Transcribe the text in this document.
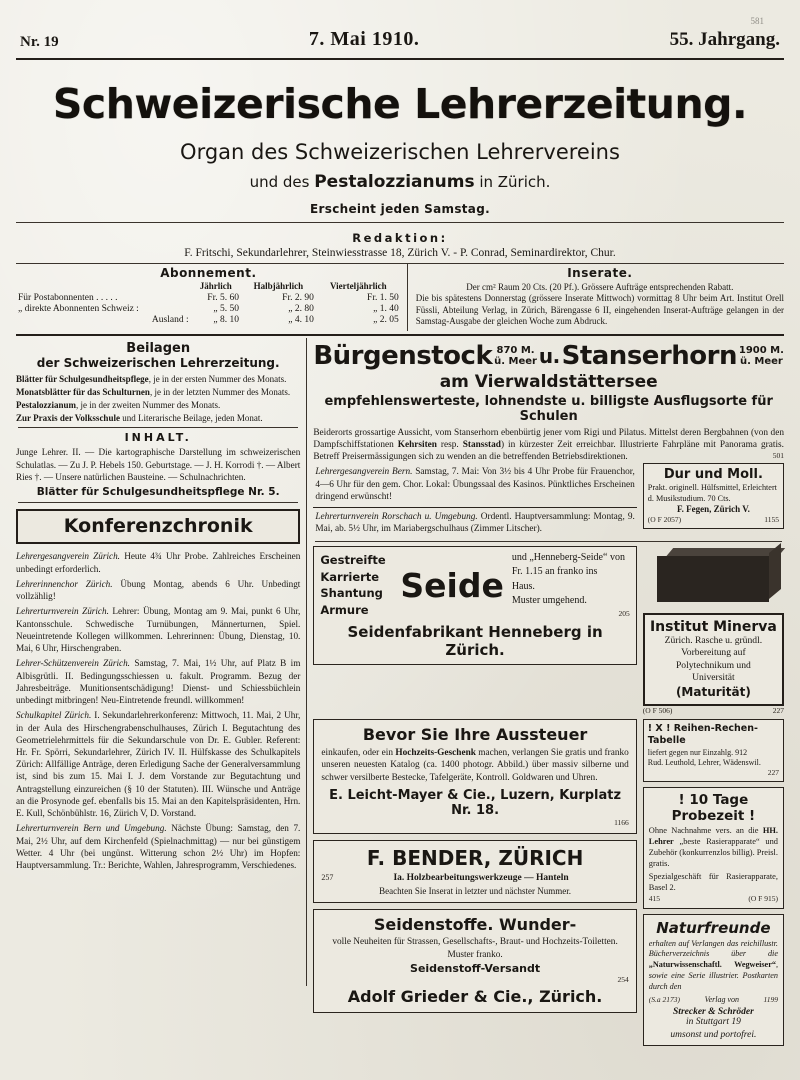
581
Nr. 19	7. Mai 1910.	55. Jahrgang.
Schweizerische Lehrerzeitung.
Organ des Schweizerischen Lehrervereins
und des Pestalozzianums in Zürich.
Erscheint jeden Samstag.
Redaktion:
F. Fritschi, Sekundarlehrer, Steinwiesstrasse 18, Zürich V. - P. Conrad, Seminardirektor, Chur.
Abonnement.
	Jährlich	Halbjährlich	Vierteljährlich
Für Postabonnenten . . . . .	Fr. 5. 60	Fr. 2. 90	Fr. 1. 50
„ direkte Abonnenten Schweiz :	„ 5. 50	„ 2. 80	„ 1. 40
Ausland :	„ 8. 10	„ 4. 10	„ 2. 05
Inserate.
Der cm² Raum 20 Cts. (20 Pf.). Grössere Aufträge entsprechenden Rabatt.
Die bis spätestens Donnerstag (grössere Inserate Mittwoch) vormittag 8 Uhr beim Art. Institut Orell Füssli, Abteilung Verlag, in Zürich, Bärengasse 6 II, eingehenden Inserat-Aufträge gelangen in der Samstag-Ausgabe der gleichen Woche zum Abdruck.
Beilagen
der Schweizerischen Lehrerzeitung.
Blätter für Schulgesundheitspflege, je in der ersten Nummer des Monats.
Monatsblätter für das Schulturnen, je in der letzten Nummer des Monats.
Pestalozzianum, je in der zweiten Nummer des Monats.
Zur Praxis der Volksschule und Literarische Beilage, jeden Monat.
INHALT.
Junge Lehrer. II. — Die kartographische Darstellung im schweizerischen Schulatlas. — Zu J. P. Hebels 150. Geburtstage. — J. H. Korrodi †. — Albert Ries †. — Unsere natürlichen Bausteine. — Schulnachrichten.
Blätter für Schulgesundheitspflege Nr. 5.
Konferenzchronik

Lehrergesangverein Zürich. Heute 4¾ Uhr Probe. Zahlreiches Erscheinen unbedingt erforderlich.

Lehrerinnenchor Zürich. Übung Montag, abends 6 Uhr. Unbedingt vollzählig!

Lehrerturnverein Zürich. Lehrer: Übung, Montag am 9. Mai, punkt 6 Uhr, Kantonsschule. Schwedische Turnübungen, Männerturnen, Spiel. Neueintretende Kollegen willkommen. Lehrerinnen: Übung, Dienstag, 10. Mai, 6 Uhr, Hirschengraben.

Lehrer-Schützenverein Zürich. Samstag, 7. Mai, 1½ Uhr, auf Platz B im Albisgrütli. II. Bedingungsschiessen u. fakult. Programm. Bezug der Jahresbeiträge. Munitionsentschädigung! Dienst- und Schiessbüchlein unbedingt mitbringen! Neu-Eintretende freundl. willkommen!

Schulkapitel Zürich. I. Sekundarlehrerkonferenz: Mittwoch, 11. Mai, 2 Uhr, in der Aula des Hirschengrabenschulhauses, Zürich I. Begutachtung des Geometrielehrmittels für die Sekundarschule von Dr. E. Gubler. Referent: Hr. Fr. Spörri, Sekundarlehrer, Zürich IV. II. Hülfskasse des Schulkapitels Zürich: Allfällige Anträge, deren Erledigung Sache der Generalversammlung ist, sind bis zum 15. Mai I. J. dem Vorstande zur Begutachtung und Antragstellung einzureichen (§ 10 der Statuten). III. Wünsche und Anträge an die Prosynode gef. ebenfalls bis 15. Mai an den Kapitelspräsidenten, Hrn. E. Kull, Schönbühlstr. 16, Zürich V, D. Vorstand.

Lehrerturnverein Bern und Umgebung. Nächste Übung: Samstag, den 7. Mai, 2½ Uhr, auf dem Kirchenfeld (Spielnachmittag) — nur bei günstigem Wetter. 4 Uhr (bei ungünst. Witterung schon 2½ Uhr) im Hopfen: Hauptversammlung. Tr.: Berichte, Wahlen, Jahresprogramm, Verschiedenes.

Bürgenstock 870 M.
ü. Meer u. Stanserhorn 1900 M.
ü. Meer
am Vierwaldstättersee
empfehlenswerteste, lohnendste u. billigste Ausflugsorte für Schulen
Beiderorts grossartige Aussicht, vom Stanserhorn ebenbürtig jener vom Rigi und Pilatus. Mittelst deren Bergbahnen (von den Dampfschiffstationen Kehrsiten resp. Stansstad) in kürzester Zeit erreichbar. Illustrierte Fahrpläne mit Panorama gratis. Betreff Preisermässigungen sich zu wenden an die betreffenden Betriebsdirektionen.	501
Lehrergesangverein Bern. Samstag, 7. Mai: Von 3½ bis 4 Uhr Probe für Frauenchor, 4—6 Uhr für den gem. Chor. Lokal: Übungssaal des Kasinos. Pünktliches Erscheinen dringend erwünscht!
Lehrerturnverein Rorschach u. Umgebung. Ordentl. Hauptversammlung: Montag, 9. Mai, ab. 5½ Uhr, im Mariabergschulhaus (Zimmer Litscher).
Dur und Moll.
Prakt. originell. Hülfsmittel, Erleichtert d. Musikstudium. 70 Cts.
F. Fegen, Zürich V.
(O F 2057)	1155
Gestreifte
Karrierte
Shantung
Armure
Seide
und „Henneberg-Seide“ von
Fr. 1.15 an franko ins
Haus.
Muster umgehend.
205
Seidenfabrikant Henneberg in Zürich.
Institut Minerva
Zürich. Rasche u. gründl.
Vorbereitung auf
Polytechnikum und
Universität
(Maturität)
(O F 506)	227
Bevor Sie Ihre Aussteuer
einkaufen, oder ein Hochzeits-Geschenk machen, verlangen Sie gratis und franko unseren neuesten Katalog (ca. 1400 photogr. Abbild.) über massiv silberne und schwer versilberte Bestecke, Tafelgeräte, Kontroll. Goldwaren und Uhren.
E. Leicht-Mayer & Cie., Luzern, Kurplatz Nr. 18.
1166
F. BENDER, ZÜRICH
257	Ia. Holzbearbeitungswerkzeuge — Hanteln
Beachten Sie Inserat in letzter und nächster Nummer.
Seidenstoffe. Wunder-
volle Neuheiten für Strassen, Gesellschafts-, Braut- und Hochzeits-Toiletten. Muster franko.
Seidenstoff-Versandt
254
Adolf Grieder & Cie., Zürich.
! X ! Reihen-Rechen-Tabelle
liefert gegen nur Einzahlg. 912
Rud. Leuthold, Lehrer, Wädenswil.
227
! 10 Tage Probezeit !
Ohne Nachnahme vers. an die HH. Lehrer „beste Rasierapparate“ und Zubehör (konkurrenzlos billig). Preisl. gratis.
Spezialgeschäft für Rasierapparate, Basel 2.
415	(O F 915)
Naturfreunde
erhalten auf Verlangen das reichillustr. Bücherverzeichnis über die „Naturwissenschaftl. Wegweiser“, sowie eine Serie illustrier. Postkarten durch den
(S.a 2173)	Verlag von	1199
Strecker & Schröder
in Stuttgart 19
umsonst und portofrei.
